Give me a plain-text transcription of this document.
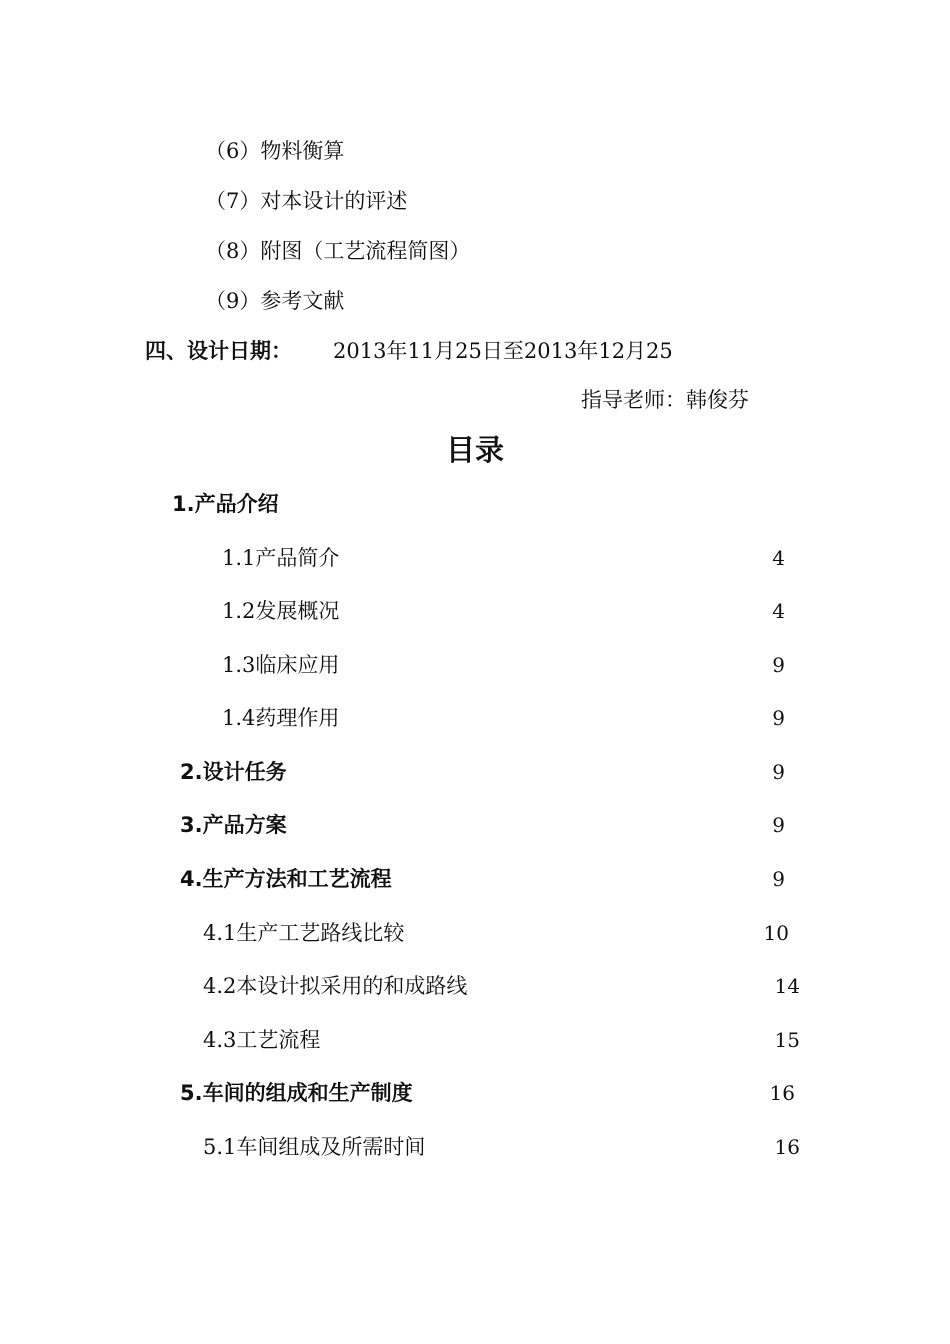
（6）物料衡算
（7）对本设计的评述
（8）附图（工艺流程简图）
（9）参考文献
四、设计日期： 2013年11月25日至2013年12月25
指导老师：韩俊芬
目录
1.产品介绍
1.1产品简介	4
1.2发展概况	4
1.3临床应用	9
1.4药理作用	9
2.设计任务	9
3.产品方案	9
4.生产方法和工艺流程	9
4.1生产工艺路线比较	10
4.2本设计拟采用的和成路线	14
4.3工艺流程	15
5.车间的组成和生产制度	16
5.1车间组成及所需时间	16
